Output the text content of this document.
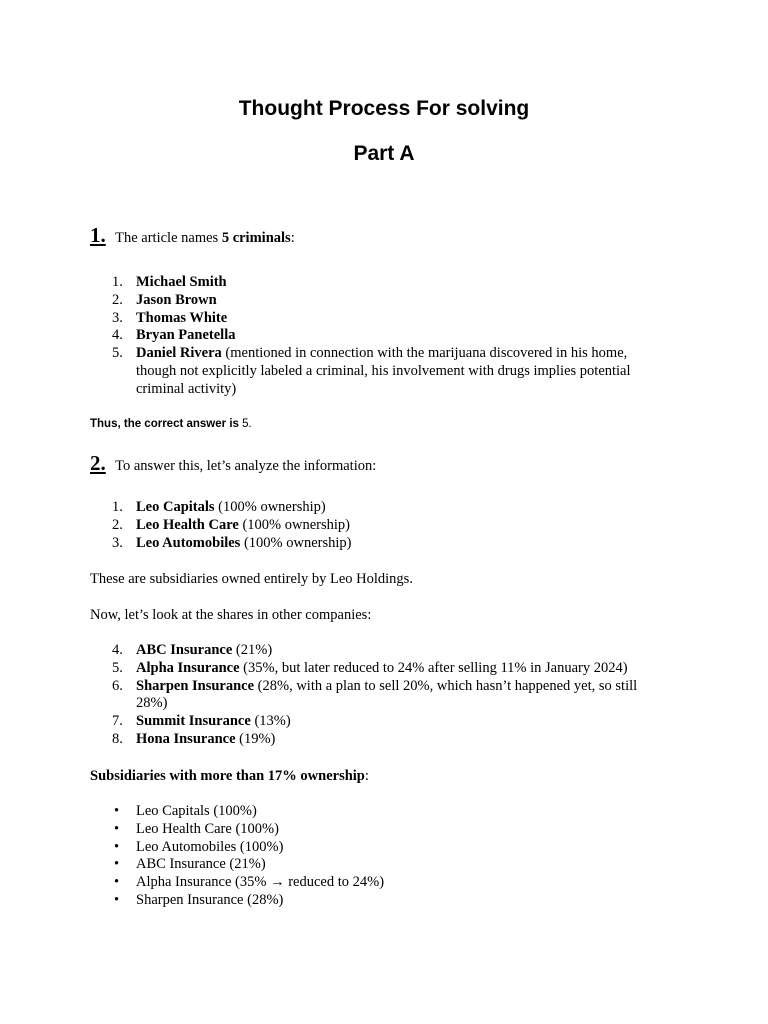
Thought Process For solving
Part A
1. The article names 5 criminals:
1. Michael Smith
2. Jason Brown
3. Thomas White
4. Bryan Panetella
5. Daniel Rivera (mentioned in connection with the marijuana discovered in his home, though not explicitly labeled a criminal, his involvement with drugs implies potential criminal activity)
Thus, the correct answer is 5.
2. To answer this, let’s analyze the information:
1. Leo Capitals (100% ownership)
2. Leo Health Care (100% ownership)
3. Leo Automobiles (100% ownership)
These are subsidiaries owned entirely by Leo Holdings.
Now, let’s look at the shares in other companies:
4. ABC Insurance (21%)
5. Alpha Insurance (35%, but later reduced to 24% after selling 11% in January 2024)
6. Sharpen Insurance (28%, with a plan to sell 20%, which hasn’t happened yet, so still 28%)
7. Summit Insurance (13%)
8. Hona Insurance (19%)
Subsidiaries with more than 17% ownership:
• Leo Capitals (100%)
• Leo Health Care (100%)
• Leo Automobiles (100%)
• ABC Insurance (21%)
• Alpha Insurance (35% → reduced to 24%)
• Sharpen Insurance (28%)
